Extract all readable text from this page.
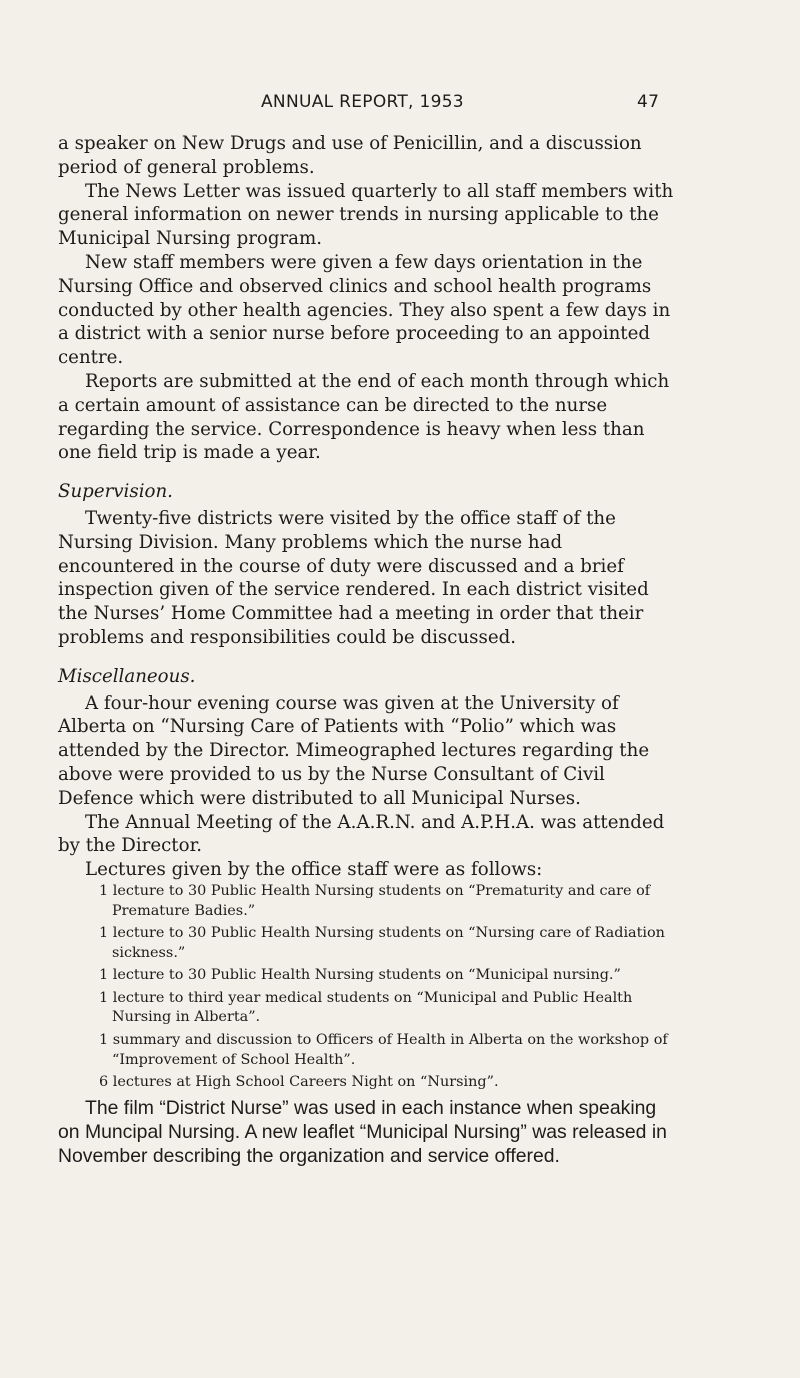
ANNUAL REPORT, 1953	47

a speaker on New Drugs and use of Penicillin, and a discussion period of general problems.

The News Letter was issued quarterly to all staff members with general information on newer trends in nursing applicable to the Municipal Nursing program.

New staff members were given a few days orientation in the Nursing Office and observed clinics and school health programs conducted by other health agencies. They also spent a few days in a district with a senior nurse before proceeding to an appointed centre.

Reports are submitted at the end of each month through which a certain amount of assistance can be directed to the nurse regarding the service. Correspondence is heavy when less than one field trip is made a year.

Supervision.

Twenty-five districts were visited by the office staff of the Nursing Division. Many problems which the nurse had encountered in the course of duty were discussed and a brief inspection given of the service rendered. In each district visited the Nurses’ Home Committee had a meeting in order that their problems and responsibilities could be discussed.

Miscellaneous.

A four-hour evening course was given at the University of Alberta on “Nursing Care of Patients with “Polio” which was attended by the Director. Mimeographed lectures regarding the above were provided to us by the Nurse Consultant of Civil Defence which were distributed to all Municipal Nurses.

The Annual Meeting of the A.A.R.N. and A.P.H.A. was attended by the Director.

Lectures given by the office staff were as follows:

1 lecture to 30 Public Health Nursing students on “Prematurity and care of Premature Badies.”
1 lecture to 30 Public Health Nursing students on “Nursing care of Radiation sickness.”
1 lecture to 30 Public Health Nursing students on “Municipal nursing.”
1 lecture to third year medical students on “Municipal and Public Health Nursing in Alberta”.
1 summary and discussion to Officers of Health in Alberta on the workshop of “Improvement of School Health”.
6 lectures at High School Careers Night on “Nursing”.

The film “District Nurse” was used in each instance when speaking on Muncipal Nursing. A new leaflet “Municipal Nursing” was released in November describing the organization and service offered.
